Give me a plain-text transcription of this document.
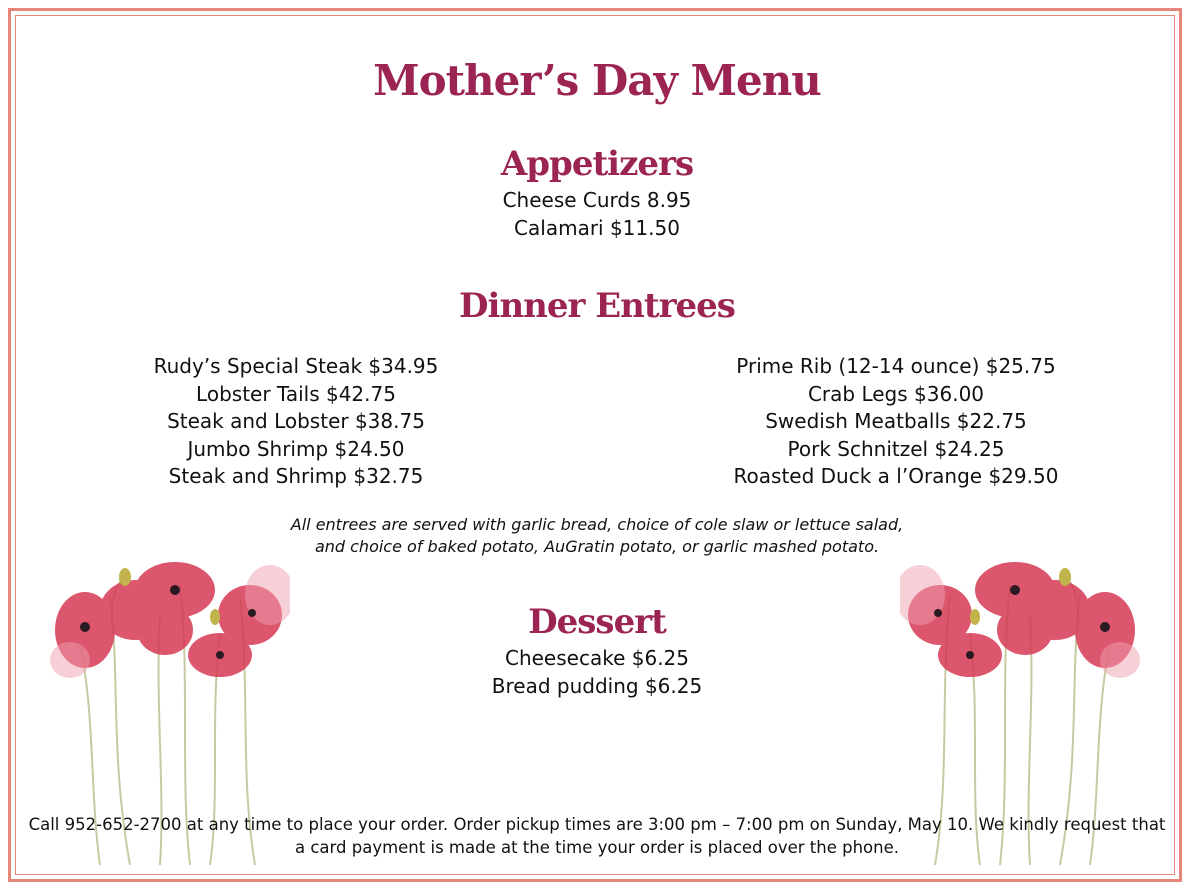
Mother’s Day Menu
Appetizers
Cheese Curds 8.95
Calamari $11.50
Dinner Entrees
Rudy’s Special Steak $34.95
Lobster Tails $42.75
Steak and Lobster $38.75
Jumbo Shrimp $24.50
Steak and Shrimp $32.75
Prime Rib (12-14 ounce) $25.75
Crab Legs $36.00
Swedish Meatballs $22.75
Pork Schnitzel $24.25
Roasted Duck a l’Orange $29.50
All entrees are served with garlic bread, choice of cole slaw or lettuce salad,
and choice of baked potato, AuGratin potato, or garlic mashed potato.
Dessert
Cheesecake $6.25
Bread pudding $6.25
Call 952-652-2700 at any time to place your order. Order pickup times are 3:00 pm – 7:00 pm on Sunday, May 10. We kindly request that
a card payment is made at the time your order is placed over the phone.
